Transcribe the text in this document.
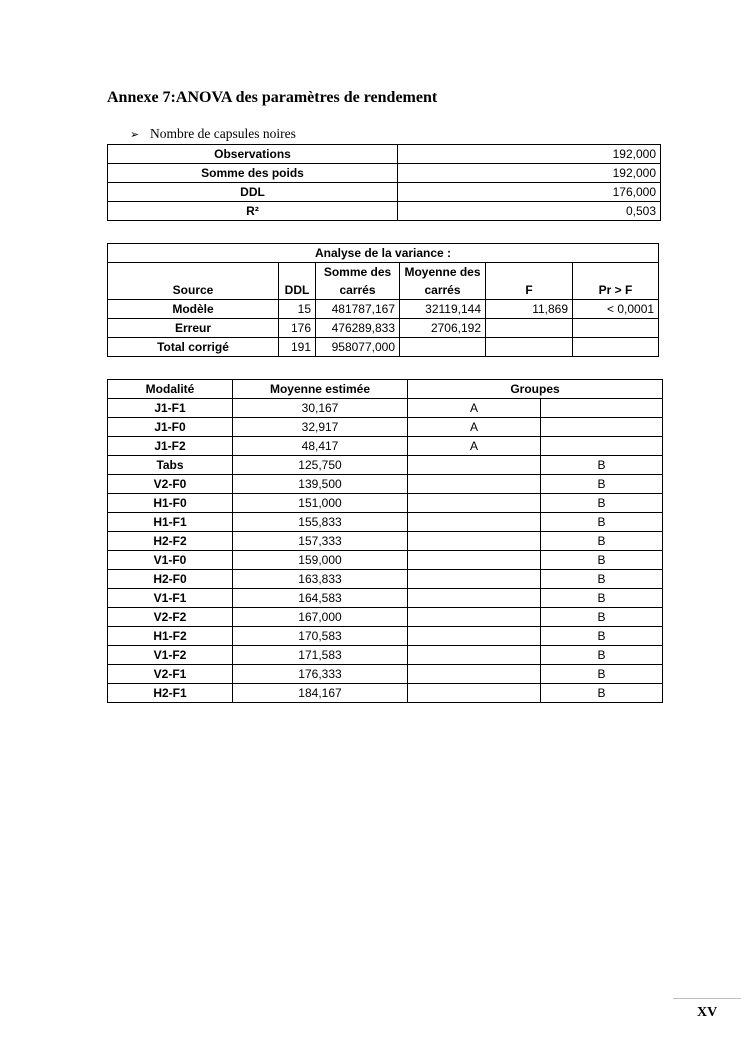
Annexe 7:ANOVA des paramètres de rendement
➢ Nombre de capsules noires
Observations	192,000
Somme des poids	192,000
DDL	176,000
R²	0,503
Analyse de la variance :					
Source	DDL	Somme des carrés	Moyenne des carrés	F	Pr > F
Modèle	15	481787,167	32119,144	11,869	< 0,0001
Erreur	176	476289,833	2706,192		
Total corrigé	191	958077,000			
Modalité	Moyenne estimée	Groupes	
J1-F1	30,167	A	
J1-F0	32,917	A	
J1-F2	48,417	A	
Tabs	125,750		B
V2-F0	139,500		B
H1-F0	151,000		B
H1-F1	155,833		B
H2-F2	157,333		B
V1-F0	159,000		B
H2-F0	163,833		B
V1-F1	164,583		B
V2-F2	167,000		B
H1-F2	170,583		B
V1-F2	171,583		B
V2-F1	176,333		B
H2-F1	184,167		B
XV
